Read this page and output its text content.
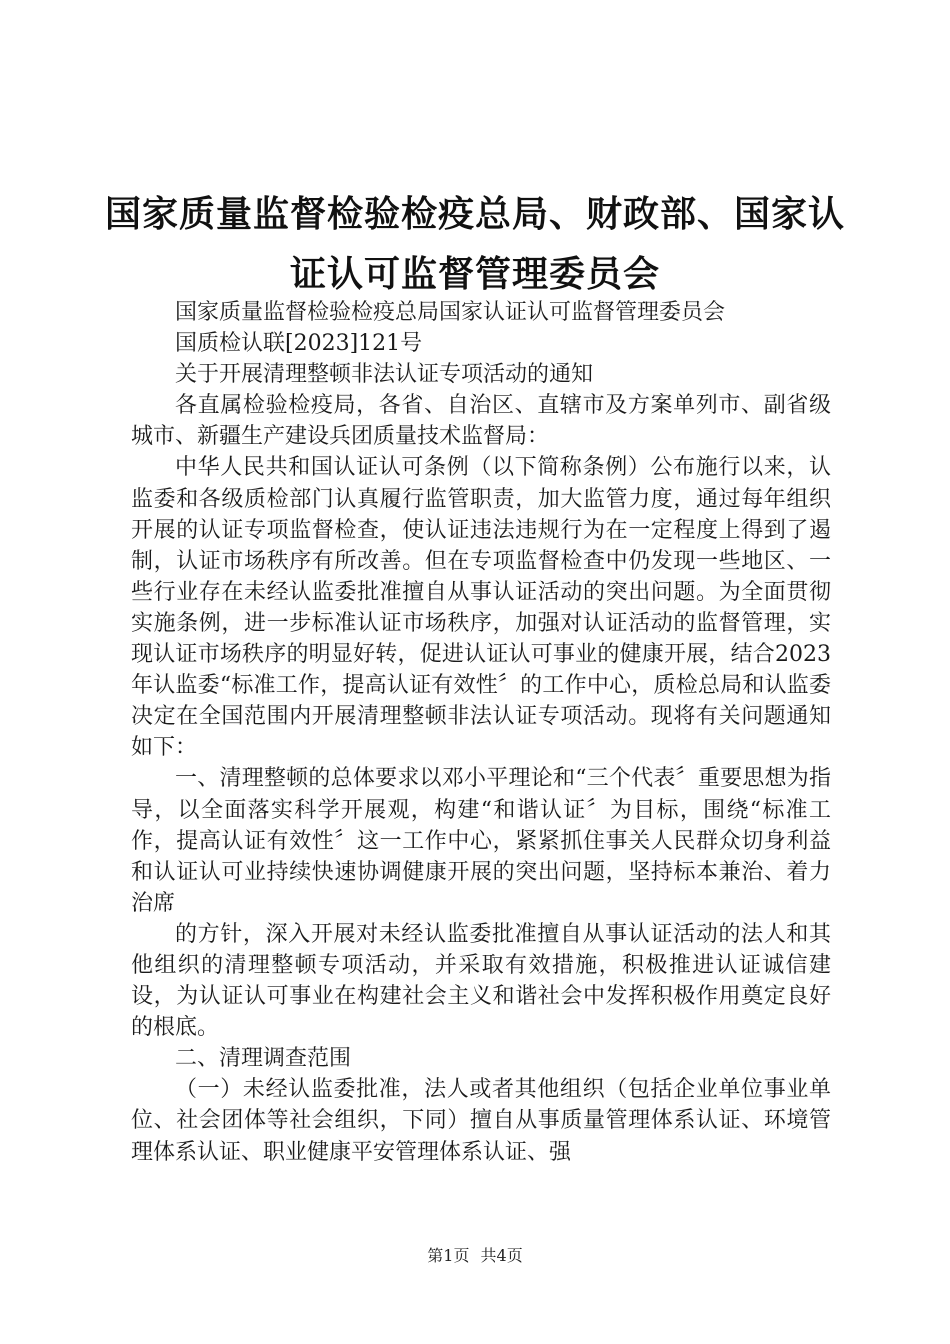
国家质量监督检验检疫总局、财政部、国家认
证认可监督管理委员会

国家质量监督检验检疫总局国家认证认可监督管理委员会

国质检认联[2023]121号

关于开展清理整顿非法认证专项活动的通知

各直属检验检疫局，各省、自治区、直辖市及方案单列市、副省级城市、新疆生产建设兵团质量技术监督局：

中华人民共和国认证认可条例（以下简称条例）公布施行以来，认监委和各级质检部门认真履行监管职责，加大监管力度，通过每年组织开展的认证专项监督检查，使认证违法违规行为在一定程度上得到了遏制，认证市场秩序有所改善。但在专项监督检查中仍发现一些地区、一些行业存在未经认监委批准擅自从事认证活动的突出问题。为全面贯彻实施条例，进一步标准认证市场秩序，加强对认证活动的监督管理，实现认证市场秩序的明显好转，促进认证认可事业的健康开展，结合2023年认监委“标准工作，提高认证有效性〞的工作中心，质检总局和认监委决定在全国范围内开展清理整顿非法认证专项活动。现将有关问题通知如下：

一、清理整顿的总体要求以邓小平理论和“三个代表〞重要思想为指导，以全面落实科学开展观，构建“和谐认证〞为目标，围绕“标准工作，提高认证有效性〞这一工作中心，紧紧抓住事关人民群众切身利益和认证认可业持续快速协调健康开展的突出问题，坚持标本兼治、着力治席

的方针，深入开展对未经认监委批准擅自从事认证活动的法人和其他组织的清理整顿专项活动，并采取有效措施，积极推进认证诚信建设，为认证认可事业在构建社会主义和谐社会中发挥积极作用奠定良好的根底。

二、清理调查范围

（一）未经认监委批准，法人或者其他组织（包括企业单位事业单位、社会团体等社会组织，下同）擅自从事质量管理体系认证、环境管理体系认证、职业健康平安管理体系认证、强

第1页 共4页
